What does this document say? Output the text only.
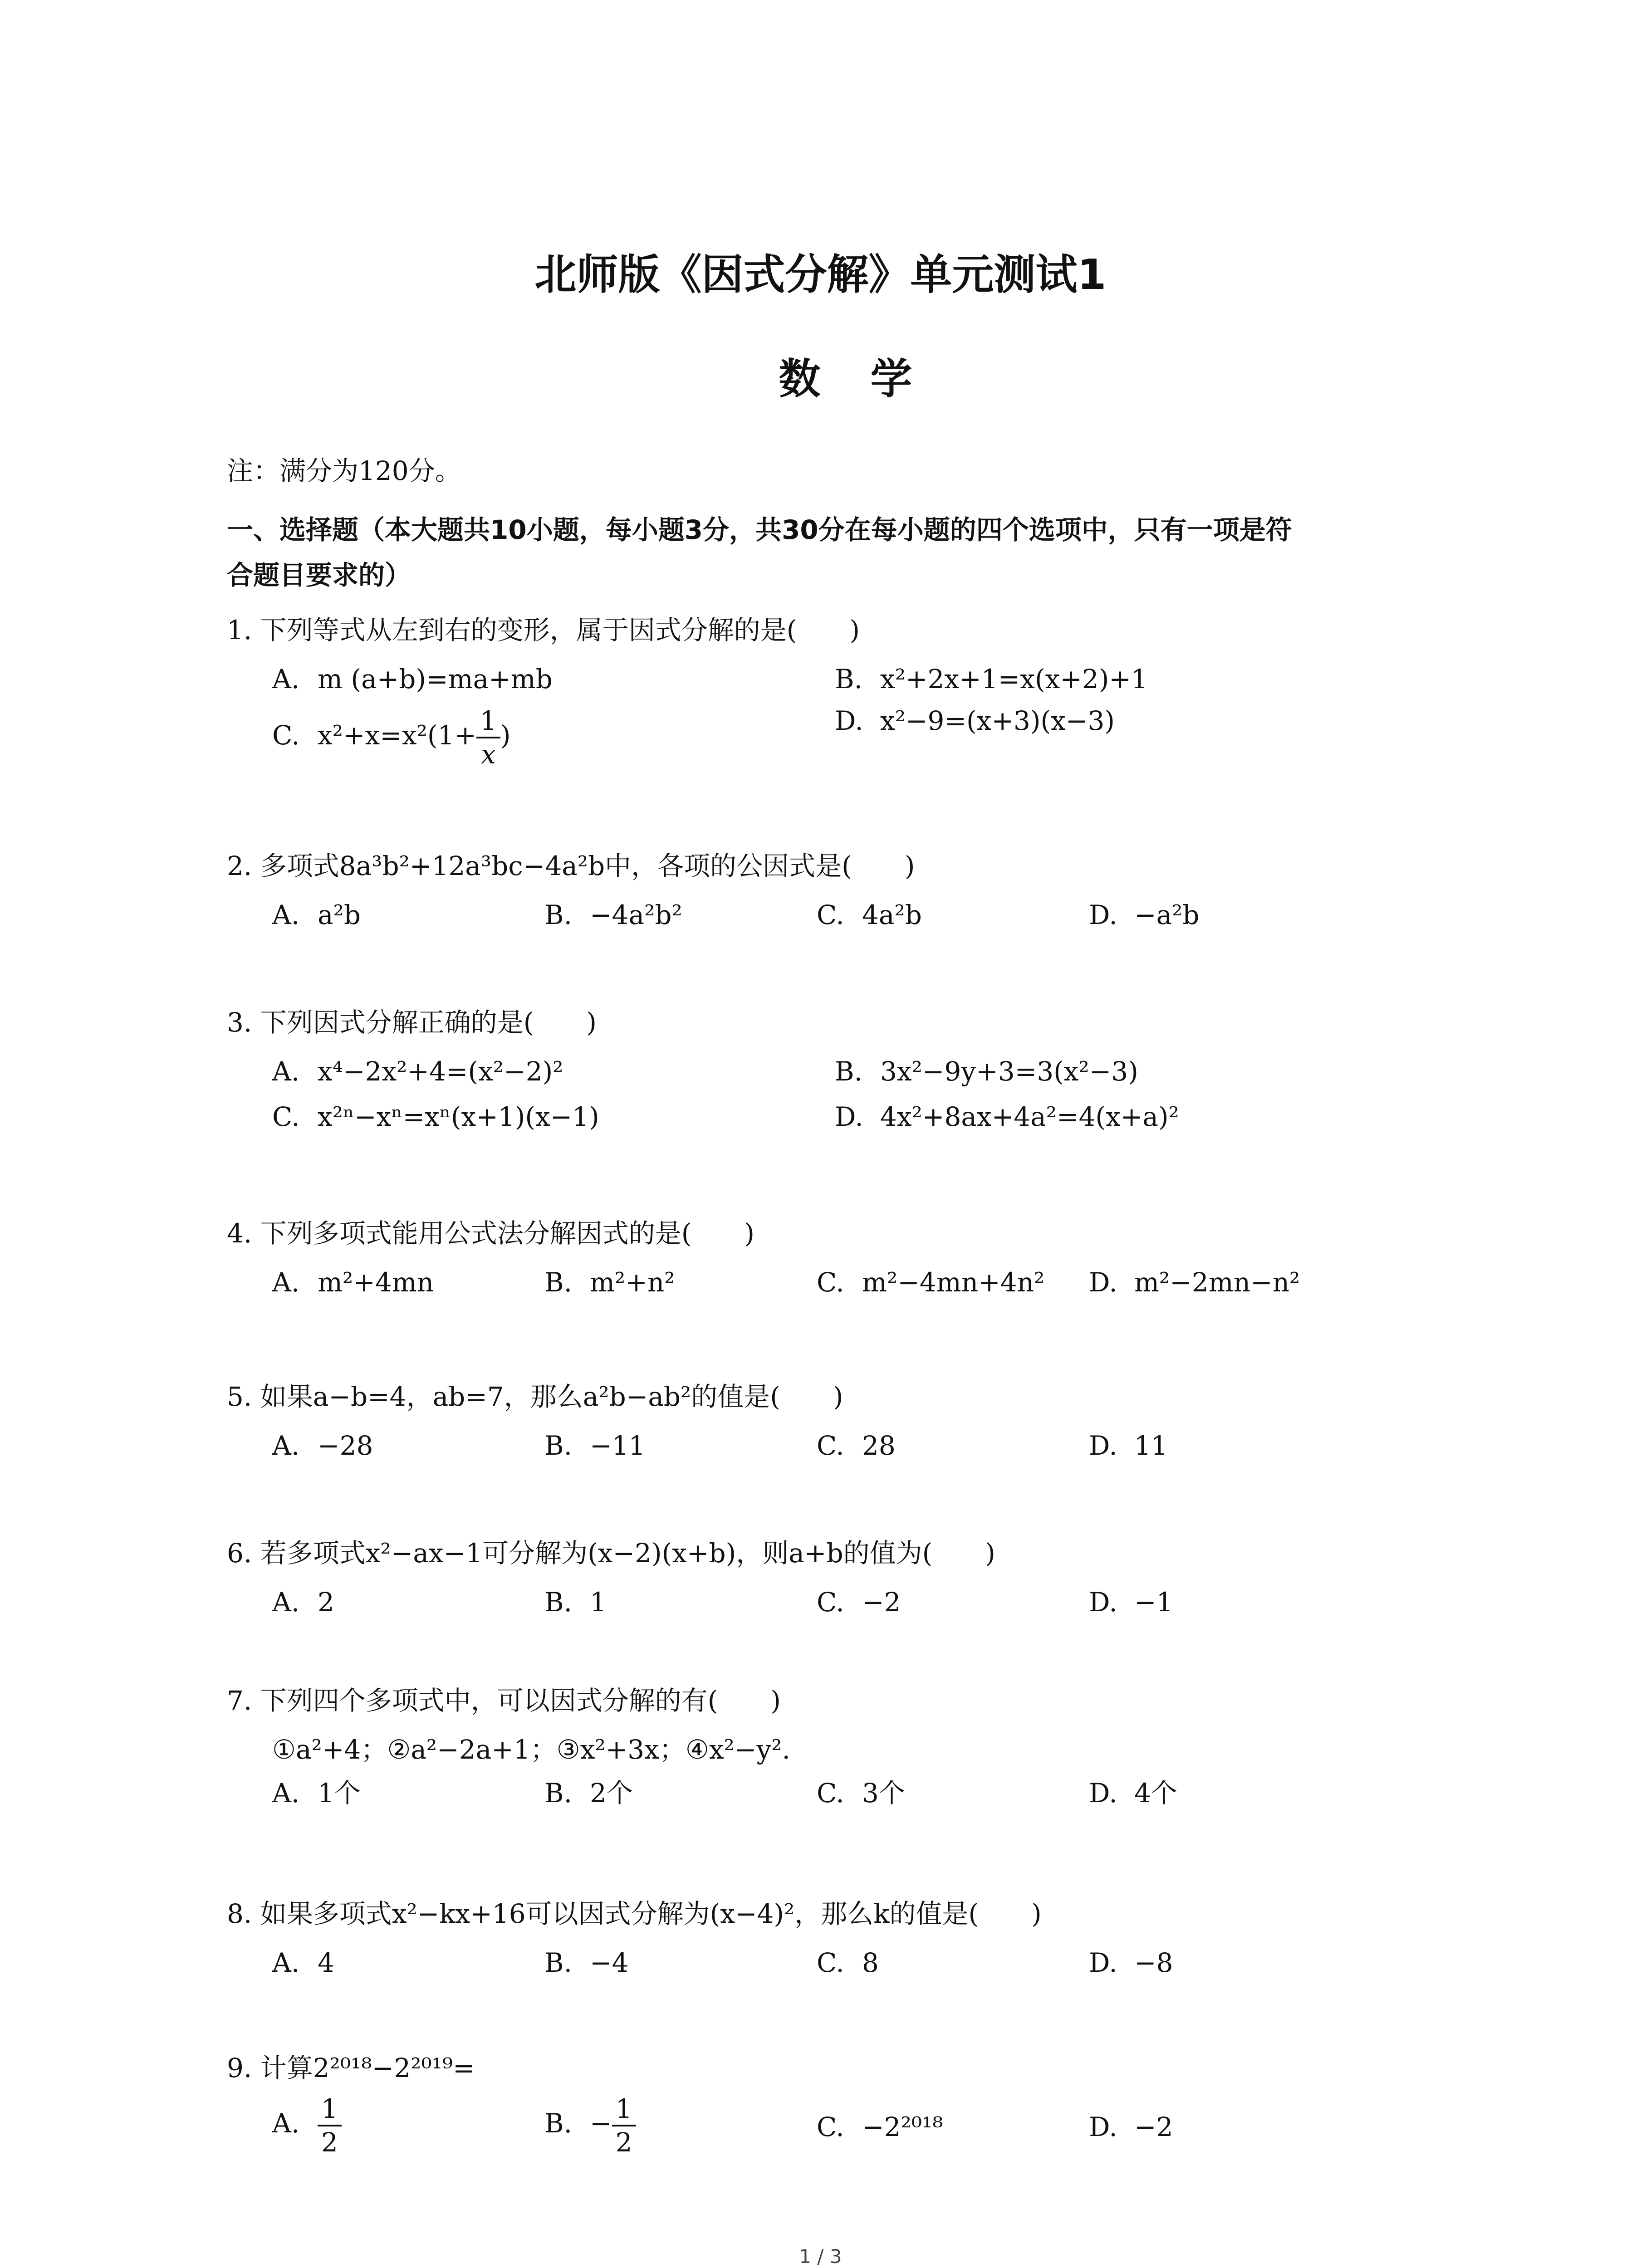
北师版《因式分解》单元测试1
数学
注：满分为120分。
一、选择题（本大题共10小题，每小题3分，共30分在每小题的四个选项中，只有一项是符
合题目要求的）
1. 下列等式从左到右的变形，属于因式分解的是(　　)
A. m (a+b)=ma+mb	B. x²+2x+1=x(x+2)+1
C. $x^2+x=x^2(1+ \frac{1}{x}$ )	D. x²−9=(x+3)(x−3)
2. 多项式8a³b²+12a³bc−4a²b中，各项的公因式是(　　)
A. a²b	B. −4a²b²	C. 4a²b	D. −a²b
3. 下列因式分解正确的是(　　)
A. x⁴−2x²+4=(x²−2)²	B. 3x²−9y+3=3(x²−3)
C. x²ⁿ−xⁿ=xⁿ(x+1)(x−1)	D. 4x²+8ax+4a²=4(x+a)²
4. 下列多项式能用公式法分解因式的是(　　)
A. m²+4mn	B. m²+n²	C. m²−4mn+4n² D. m²−2mn−n²
5. 如果a−b=4，ab=7，那么a²b−ab²的值是(　　)
A. −28	B. −11	C. 28	D. 11
6. 若多项式x²−ax−1可分解为(x−2)(x+b)，则a+b的值为(　　)
A. 2	B. 1	C. −2	D. −1
7. 下列四个多项式中，可以因式分解的有(　　)
①a²+4；②a²−2a+1；③x²+3x；④x²−y².
A. 1个	B. 2个	C. 3个	D. 4个
8. 如果多项式x²−kx+16可以因式分解为(x−4)²，那么k的值是(　　)
A. 4	B. −4	C. 8	D. −8
9. 计算2²⁰¹⁸−2²⁰¹⁹=
A. $\frac{1}{2}$	B. − $\frac{1}{2}$	C. −2²⁰¹⁸	D. −2
1 / 3
